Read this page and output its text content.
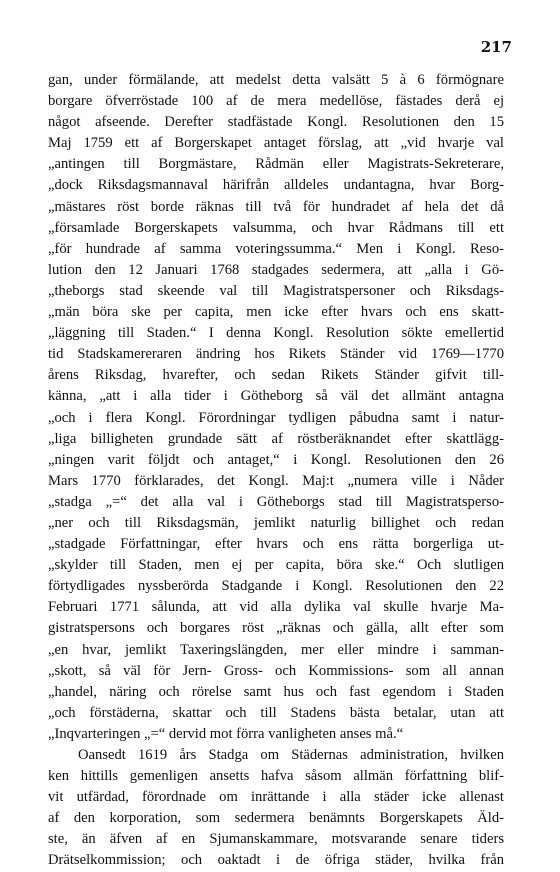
217
gan, under förmälande, att medelst detta valsätt 5 à 6 förmögnare
borgare öfverröstade 100 af de mera medellöse, fästades derå ej
något afseende. Derefter stadfästade Kongl. Resolutionen den 15
Maj 1759 ett af Borgerskapet antaget förslag, att „vid hvarje val
„antingen till Borgmästare, Rådmän eller Magistrats-Sekreterare,
„dock Riksdagsmannaval härifrån alldeles undantagna, hvar Borg-
„mästares röst borde räknas till två för hundradet af hela det då
„församlade Borgerskapets valsumma, och hvar Rådmans till ett
„för hundrade af samma voteringssumma.“ Men i Kongl. Reso-
lution den 12 Januari 1768 stadgades sedermera, att „alla i Gö-
„theborgs stad skeende val till Magistratspersoner och Riksdags-
„män böra ske per capita, men icke efter hvars och ens skatt-
„läggning till Staden.“ I denna Kongl. Resolution sökte emellertid
tid Stadskamereraren ändring hos Rikets Ständer vid 1769—1770
årens Riksdag, hvarefter, och sedan Rikets Ständer gifvit till-
känna, „att i alla tider i Götheborg så väl det allmänt antagna
„och i flera Kongl. Förordningar tydligen påbudna samt i natur-
„liga billigheten grundade sätt af röstberäknandet efter skattlägg-
„ningen varit följdt och antaget,“ i Kongl. Resolutionen den 26
Mars 1770 förklarades, det Kongl. Maj:t „numera ville i Nåder
„stadga „=“ det alla val i Götheborgs stad till Magistratsperso-
„ner och till Riksdagsmän, jemlikt naturlig billighet och redan
„stadgade Författningar, efter hvars och ens rätta borgerliga ut-
„skylder till Staden, men ej per capita, böra ske.“ Och slutligen
förtydligades nyssberörda Stadgande i Kongl. Resolutionen den 22
Februari 1771 sålunda, att vid alla dylika val skulle hvarje Ma-
gistratspersons och borgares röst „räknas och gälla, allt efter som
„en hvar, jemlikt Taxeringslängden, mer eller mindre i samman-
„skott, så väl för Jern- Gross- och Kommissions- som all annan
„handel, näring och rörelse samt hus och fast egendom i Staden
„och förstäderna, skattar och till Stadens bästa betalar, utan att
„Inqvarteringen „=“ dervid mot förra vanligheten anses må.“
Oansedt 1619 års Stadga om Städernas administration, hvilken
ken hittills gemenligen ansetts hafva såsom allmän författning blif-
vit utfärdad, förordnade om inrättande i alla städer icke allenast
af den korporation, som sedermera benämnts Borgerskapets Äld-
ste, än äfven af en Sjumanskammare, motsvarande senare tiders
Drätselkommission; och oaktadt i de öfriga städer, hvilka från
